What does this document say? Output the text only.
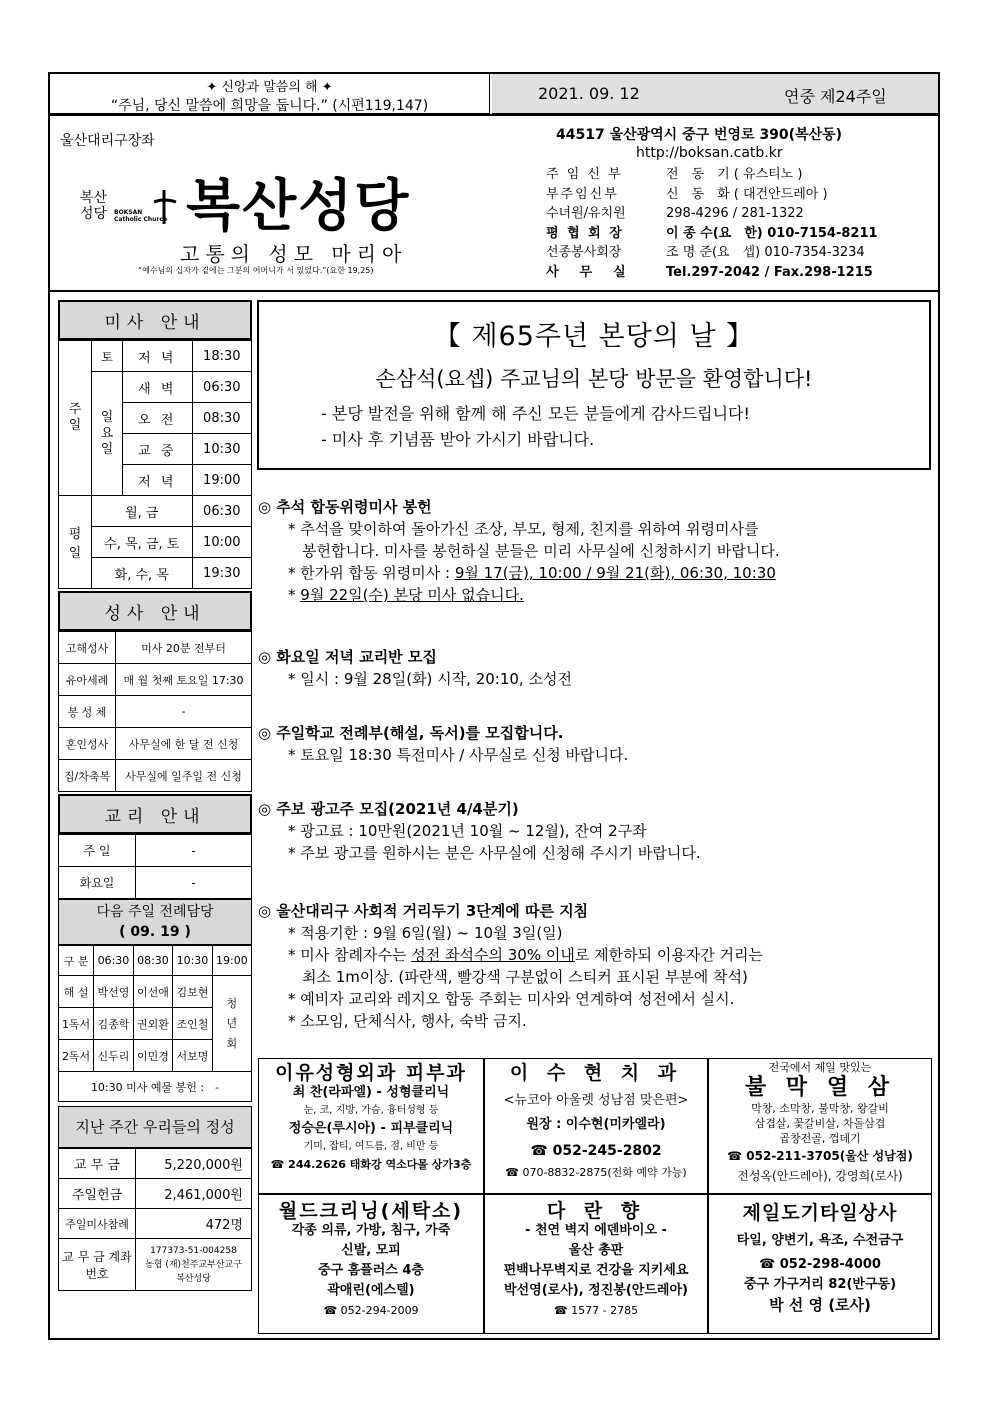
✦ 신앙과 말씀의 해 ✦
“주님, 당신 말씀에 희망을 둡니다.” (시편119,147)
2021. 09. 12	연중 제24주일
울산대리구장좌
복산
성당 BOKSAN
Catholic Church 복산성당
고통의 성모 마리아
“예수님의 십자가 곁에는 그분의 어머니가 서 있었다.”(요한 19,25)
44517 울산광역시 중구 번영로 390(복산동)
http://boksan.catb.kr
주 임 신 부	전　동　기 ( 유스티노 )
부주임신부	신　동　화 ( 대건안드레아 )
수녀원/유치원	298-4296 / 281-1322
평 협 회 장	이 종 수(요　한) 010-7154-8211
선종봉사회장	조 명 준(요　셉) 010-7354-3234
사　무　실	Tel.297-2042 / Fax.298-1215
미사 안내
주일	토	저 녁	18:30
	일요일	새 벽	06:30
		오 전	08:30
		교 중	10:30
		저 녁	19:00
평일	월, 금		06:30
	수, 목, 금, 토		10:00
	화, 수, 목		19:30
성사 안내
고해성사	미사 20분 전부터
유아세례	매 월 첫째 토요일 17:30
봉 성 체	-
혼인성사	사무실에 한 달 전 신청
집/차축복	사무실에 일주일 전 신청
교리 안내
주 일	-
화요일	-
다음 주일 전례담당
( 09. 19 )
구 분	06:30	08:30	10:30	19:00
해 설	박선영	이선애	김보현	청년회
1독서	김종학	권외환	조인철	
2독서	신두리	이민경	서보명	
10:30 미사 예물 봉헌 :　-				
지난 주간 우리들의 정성
교 무 금	5,220,000원
주일헌금	2,461,000원
주일미사참례	472명
교 무 금 계좌번호	177373-51-004258
농협 (재)천주교부산교구
복산성당
【 제65주년 본당의 날 】
손삼석(요셉) 주교님의 본당 방문을 환영합니다!
- 본당 발전을 위해 함께 해 주신 모든 분들에게 감사드립니다!
- 미사 후 기념품 받아 가시기 바랍니다.
◎ 추석 합동위령미사 봉헌
* 추석을 맞이하여 돌아가신 조상, 부모, 형제, 친지를 위하여 위령미사를
봉헌합니다. 미사를 봉헌하실 분들은 미리 사무실에 신청하시기 바랍니다.
* 한가위 합동 위령미사 : 9월 17(금), 10:00 / 9월 21(화), 06:30, 10:30
* 9월 22일(수) 본당 미사 없습니다.
◎ 화요일 저녁 교리반 모집
* 일시 : 9월 28일(화) 시작, 20:10, 소성전
◎ 주일학교 전례부(해설, 독서)를 모집합니다.
* 토요일 18:30 특전미사 / 사무실로 신청 바랍니다.
◎ 주보 광고주 모집(2021년 4/4분기)
* 광고료 : 10만원(2021년 10월 ~ 12월), 잔여 2구좌
* 주보 광고를 원하시는 분은 사무실에 신청해 주시기 바랍니다.
◎ 울산대리구 사회적 거리두기 3단계에 따른 지침
* 적용기한 : 9월 6일(월) ~ 10월 3일(일)
* 미사 참례자수는 성전 좌석수의 30% 이내로 제한하되 이용자간 거리는
최소 1m이상. (파란색, 빨강색 구분없이 스티커 표시된 부분에 착석)
* 예비자 교리와 레지오 합동 주회는 미사와 연계하여 성전에서 실시.
* 소모임, 단체식사, 행사, 숙박 금지.
이유성형외과 피부과
최 찬(라파엘) - 성형클리닉
눈, 코, 지방, 가슴, 흉터성형 등
정승은(루시아) - 피부클리닉
기미, 잡티, 여드름, 점, 비만 등
☎ 244.2626 태화강 역소다몰 상가3층
이 수 현 치 과
<뉴코아 아울렛 성남점 맞은편>
원장 : 이수현(미카엘라)
☎ 052-245-2802
☎ 070-8832-2875(전화 예약 가능)
전국에서 제일 맛있는
불 막 열 삼
막창, 소막창, 불막창, 왕갈비
삼겹살, 꽃갈비살, 차돌삼겹
곱창전골, 껍데기
☎ 052-211-3705(울산 성남점)
전성옥(안드레아), 강영희(로사)
월드크리닝(세탁소)
각종 의류, 가방, 침구, 가죽
신발, 모피
중구 홈플러스 4층
곽애린(에스텔)
☎ 052-294-2009
다 란 향
- 천연 벽지 에덴바이오 -
울산 총판
편백나무벽지로 건강을 지키세요
박선영(로사), 정진봉(안드레아)
☎ 1577 - 2785
제일도기타일상사
타일, 양변기, 욕조, 수전금구
☎ 052-298-4000
중구 가구거리 82(반구동)
박 선 영 (로사)
